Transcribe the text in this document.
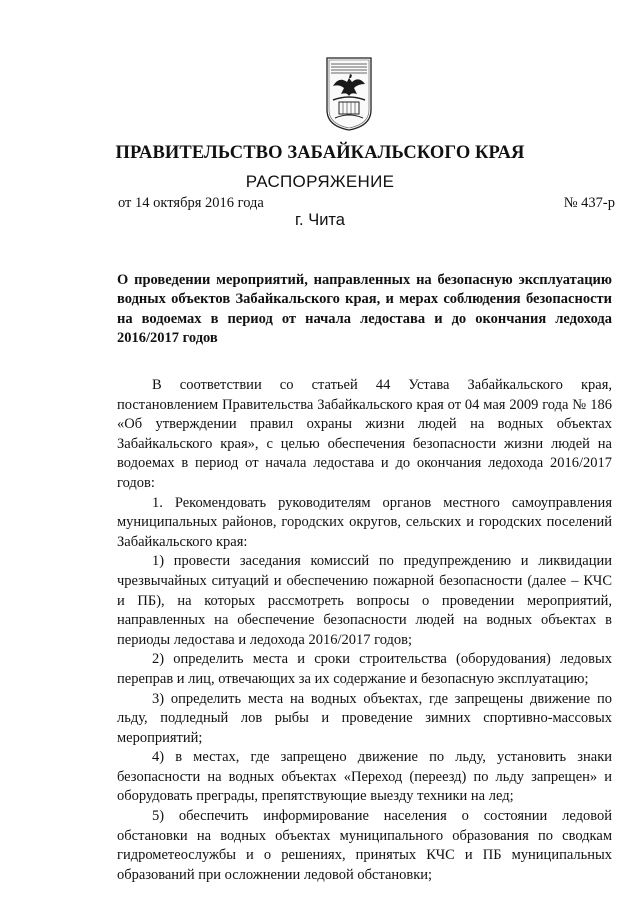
ПРАВИТЕЛЬСТВО ЗАБАЙКАЛЬСКОГО КРАЯ
РАСПОРЯЖЕНИЕ
от 14 октября 2016 года	№ 437-р
г. Чита
О проведении мероприятий, направленных на безопасную эксплуатацию водных объектов Забайкальского края, и мерах соблюдения безопасности на водоемах в период от начала ледостава и до окончания ледохода 2016/2017 годов

В соответствии со статьей 44 Устава Забайкальского края, постановлением Правительства Забайкальского края от 04 мая 2009 года № 186 «Об утверждении правил охраны жизни людей на водных объектах Забайкальского края», с целью обеспечения безопасности жизни людей на водоемах в период от начала ледостава и до окончания ледохода 2016/2017 годов:

1. Рекомендовать руководителям органов местного самоуправления муниципальных районов, городских округов, сельских и городских поселений Забайкальского края:

1) провести заседания комиссий по предупреждению и ликвидации чрезвычайных ситуаций и обеспечению пожарной безопасности (далее – КЧС и ПБ), на которых рассмотреть вопросы о проведении мероприятий, направленных на обеспечение безопасности людей на водных объектах в периоды ледостава и ледохода 2016/2017 годов;

2) определить места и сроки строительства (оборудования) ледовых переправ и лиц, отвечающих за их содержание и безопасную эксплуатацию;

3) определить места на водных объектах, где запрещены движение по льду, подледный лов рыбы и проведение зимних спортивно-массовых мероприятий;

4) в местах, где запрещено движение по льду, установить знаки безопасности на водных объектах «Переход (переезд) по льду запрещен» и оборудовать преграды, препятствующие выезду техники на лед;

5) обеспечить информирование населения о состоянии ледовой обстановки на водных объектах муниципального образования по сводкам гидрометеослужбы и о решениях, принятых КЧС и ПБ муниципальных образований при осложнении ледовой обстановки;
